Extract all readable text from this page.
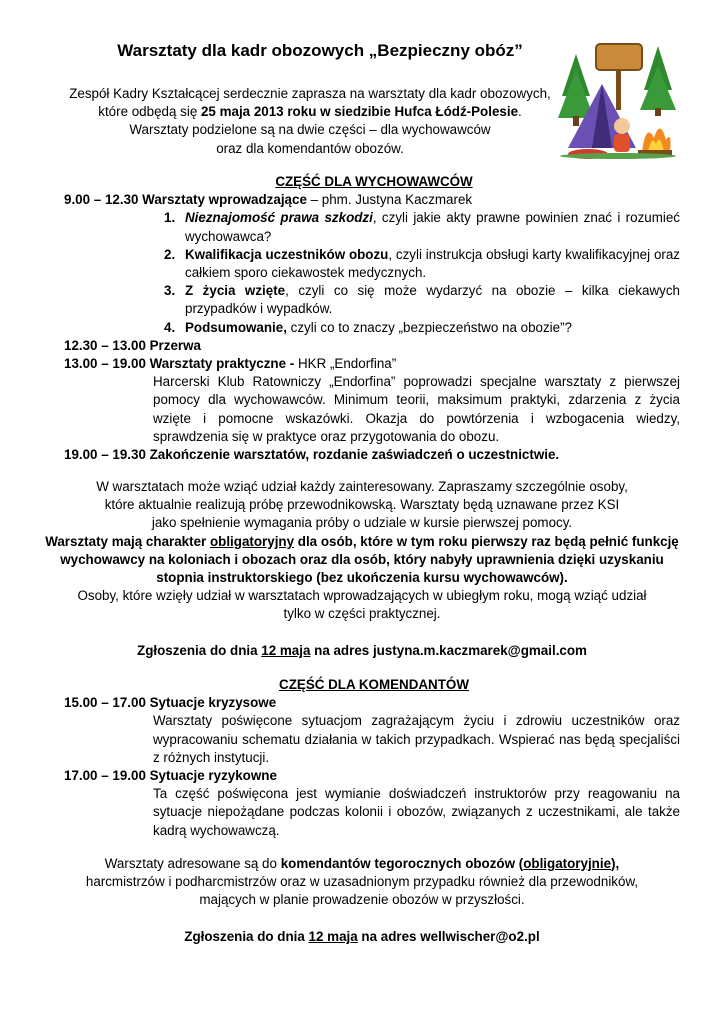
Warsztaty dla kadr obozowych „Bezpieczny obóz”
Zespół Kadry Kształcącej serdecznie zaprasza na warsztaty dla kadr obozowych,
które odbędą się 25 maja 2013 roku w siedzibie Hufca Łódź-Polesie.
Warsztaty podzielone są na dwie części – dla wychowawców
oraz dla komendantów obozów.
CZĘŚĆ DLA WYCHOWAWCÓW
9.00 – 12.30 Warsztaty wprowadzające – phm. Justyna Kaczmarek
1. Nieznajomość prawa szkodzi, czyli jakie akty prawne powinien znać i rozumieć wychowawca?
2. Kwalifikacja uczestników obozu, czyli instrukcja obsługi karty kwalifikacyjnej oraz całkiem sporo ciekawostek medycznych.
3. Z życia wzięte, czyli co się może wydarzyć na obozie – kilka ciekawych przypadków i wypadków.
4. Podsumowanie, czyli co to znaczy „bezpieczeństwo na obozie”?
12.30 – 13.00 Przerwa
13.00 – 19.00 Warsztaty praktyczne - HKR „Endorfina”
Harcerski Klub Ratowniczy „Endorfina” poprowadzi specjalne warsztaty z pierwszej pomocy dla wychowawców. Minimum teorii, maksimum praktyki, zdarzenia z życia wzięte i pomocne wskazówki. Okazja do powtórzenia i wzbogacenia wiedzy, sprawdzenia się w praktyce oraz przygotowania do obozu.
19.00 – 19.30 Zakończenie warsztatów, rozdanie zaświadczeń o uczestnictwie.
W warsztatach może wziąć udział każdy zainteresowany. Zapraszamy szczególnie osoby,
które aktualnie realizują próbę przewodnikowską. Warsztaty będą uznawane przez KSI
jako spełnienie wymagania próby o udziale w kursie pierwszej pomocy.
Warsztaty mają charakter obligatoryjny dla osób, które w tym roku pierwszy raz będą pełnić funkcję
wychowawcy na koloniach i obozach oraz dla osób, który nabyły uprawnienia dzięki uzyskaniu
stopnia instruktorskiego (bez ukończenia kursu wychowawców).
Osoby, które wzięły udział w warsztatach wprowadzających w ubiegłym roku, mogą wziąć udział
tylko w części praktycznej.
Zgłoszenia do dnia 12 maja na adres justyna.m.kaczmarek@gmail.com
CZĘŚĆ DLA KOMENDANTÓW
15.00 – 17.00 Sytuacje kryzysowe
Warsztaty poświęcone sytuacjom zagrażającym życiu i zdrowiu uczestników oraz wypracowaniu schematu działania w takich przypadkach. Wspierać nas będą specjaliści z różnych instytucji.
17.00 – 19.00 Sytuacje ryzykowne
Ta część poświęcona jest wymianie doświadczeń instruktorów przy reagowaniu na sytuacje niepożądane podczas kolonii i obozów, związanych z uczestnikami, ale także kadrą wychowawczą.
Warsztaty adresowane są do komendantów tegorocznych obozów (obligatoryjnie),
harcmistrzów i podharcmistrzów oraz w uzasadnionym przypadku również dla przewodników,
mających w planie prowadzenie obozów w przyszłości.
Zgłoszenia do dnia 12 maja na adres wellwischer@o2.pl
